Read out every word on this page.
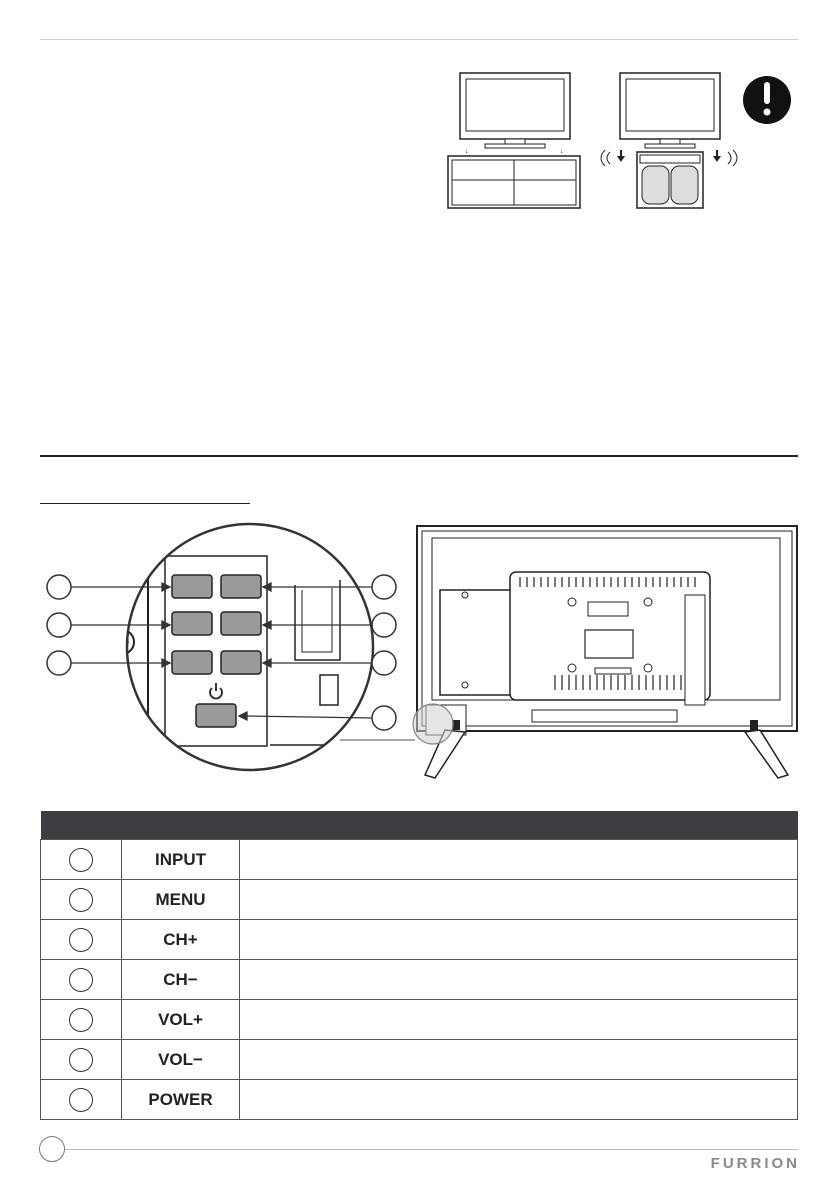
↓	↓

	INPUT	
	MENU	
	CH+	
	CH−	
	VOL+	
	VOL−	
	POWER	
FURRION
